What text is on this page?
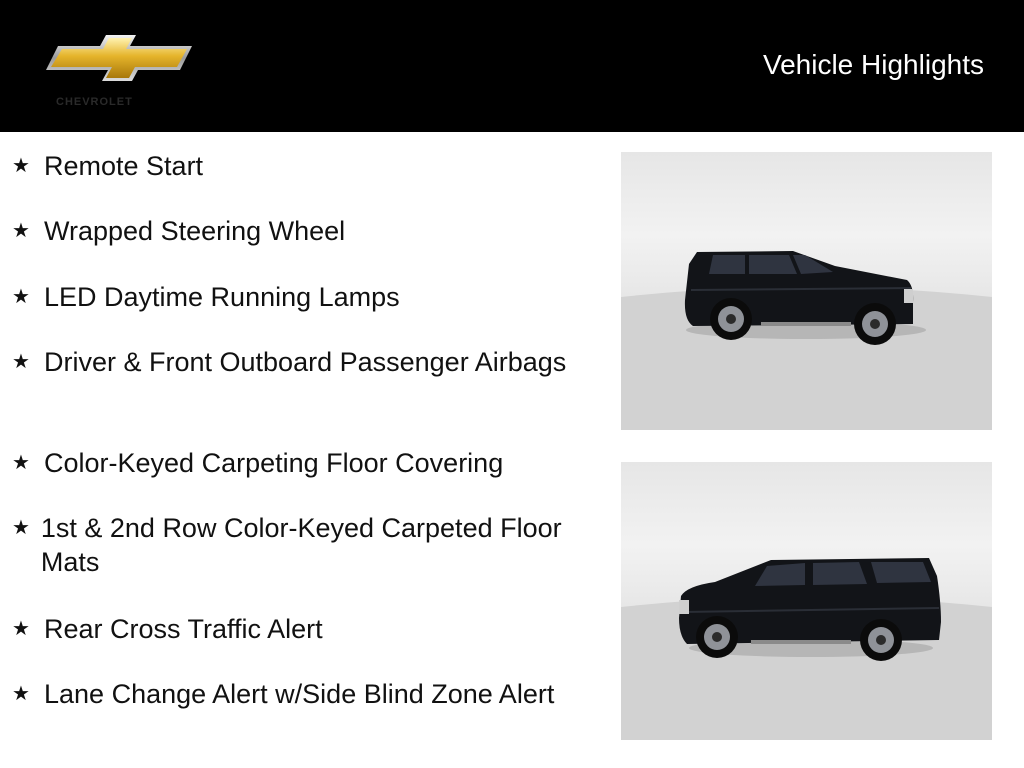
CHEVROLET
Vehicle Highlights
★ Remote Start
★ Wrapped Steering Wheel
★ LED Daytime Running Lamps
★ Driver & Front Outboard Passenger Airbags
★ Color-Keyed Carpeting Floor Covering
★ 1st & 2nd Row Color-Keyed Carpeted Floor Mats
★ Rear Cross Traffic Alert
★ Lane Change Alert w/Side Blind Zone Alert
